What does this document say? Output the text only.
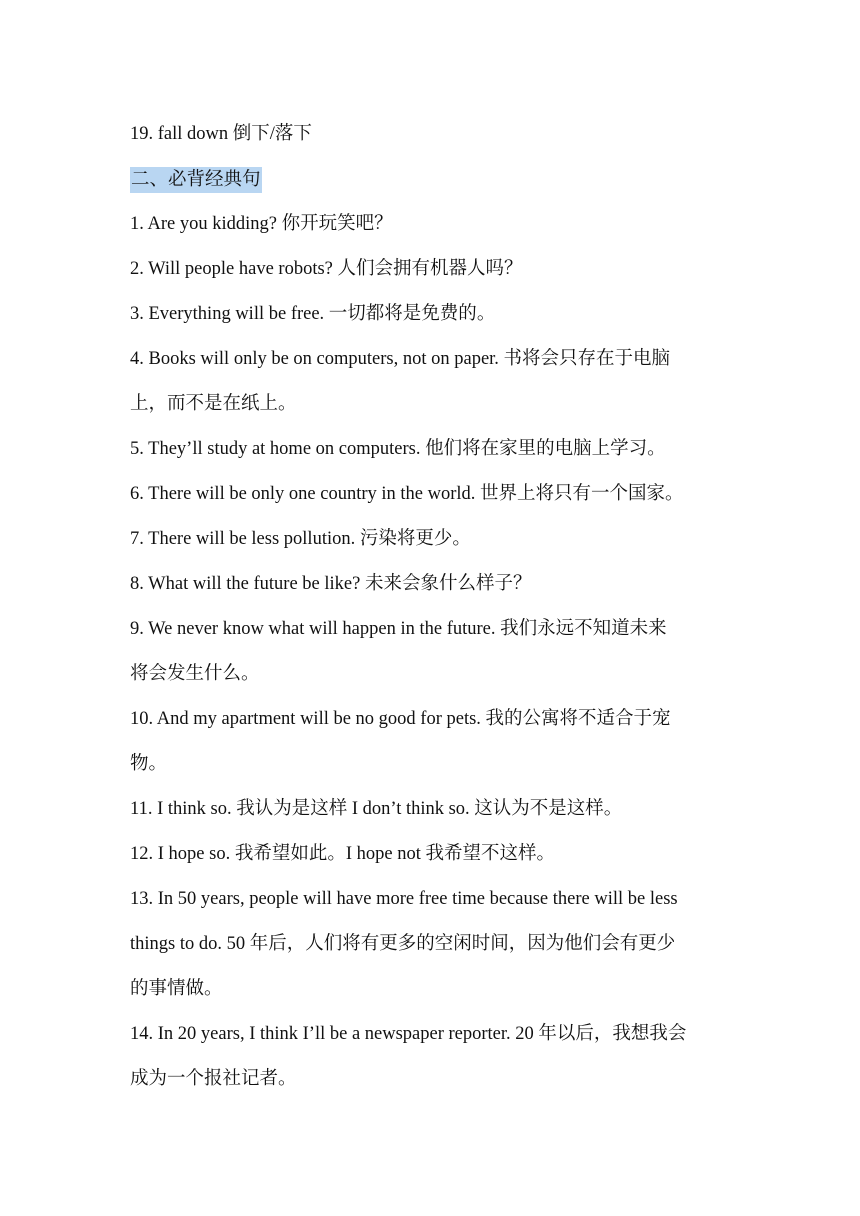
19. fall down 倒下/落下
二、必背经典句
1. Are you kidding? 你开玩笑吧？
2. Will people have robots? 人们会拥有机器人吗？
3. Everything will be free. 一切都将是免费的。
4. Books will only be on computers, not on paper. 书将会只存在于电脑
上，而不是在纸上。
5. They’ll study at home on computers. 他们将在家里的电脑上学习。
6. There will be only one country in the world. 世界上将只有一个国家。
7. There will be less pollution. 污染将更少。
8. What will the future be like? 未来会象什么样子？
9. We never know what will happen in the future. 我们永远不知道未来
将会发生什么。
10. And my apartment will be no good for pets. 我的公寓将不适合于宠
物。
11. I think so. 我认为是这样 I don’t think so. 这认为不是这样。
12. I hope so. 我希望如此。I hope not 我希望不这样。
13. In 50 years, people will have more free time because there will be less
things to do. 50 年后，人们将有更多的空闲时间，因为他们会有更少
的事情做。
14. In 20 years, I think I’ll be a newspaper reporter. 20 年以后，我想我会
成为一个报社记者。
